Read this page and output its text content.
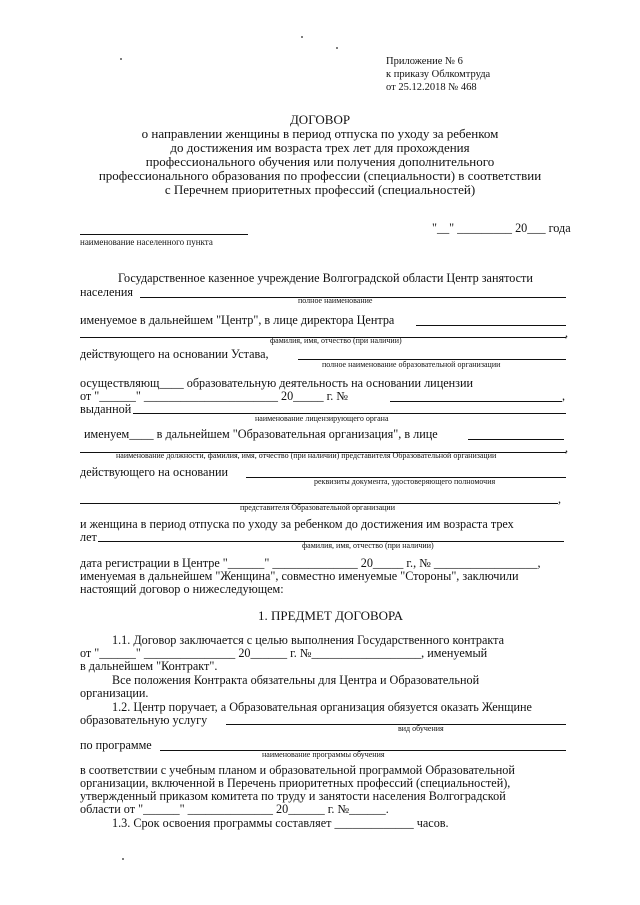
Приложение № 6
к приказу Облкомтруда
от 25.12.2018 № 468
ДОГОВОР
о направлении женщины в период отпуска по уходу за ребенком
до достижения им возраста трех лет для прохождения
профессионального обучения или получения дополнительного
профессионального образования по профессии (специальности) в соответствии
с Перечнем приоритетных профессий (специальностей)
"__" _________ 20___ года
наименование населенного пункта
Государственное казенное учреждение Волгоградской области Центр занятости
населения
полное наименование
именуемое в дальнейшем "Центр", в лице директора Центра
,
фамилия, имя, отчество (при наличии)
действующего на основании Устава,
полное наименование образовательной организации
осуществляющ____ образовательную деятельность на основании лицензии
от "______" ______________________ 20_____ г. №	,
выданной
наименование лицензирующего органа
именуем____ в дальнейшем "Образовательная организация", в лице
,
наименование должности, фамилия, имя, отчество (при наличии) представителя Образовательной организации
действующего на основании
реквизиты документа, удостоверяющего полномочия
,
представителя Образовательной организации
и женщина в период отпуска по уходу за ребенком до достижения им возраста трех
лет
фамилия, имя, отчество (при наличии)
дата регистрации в Центре "______" ______________ 20_____ г., № _________________,
именуемая в дальнейшем "Женщина", совместно именуемые "Стороны", заключили
настоящий договор о нижеследующем:
1. ПРЕДМЕТ ДОГОВОРА
1.1. Договор заключается с целью выполнения Государственного контракта
от "______" _______________ 20______ г. №__________________, именуемый
в дальнейшем "Контракт".
Все положения Контракта обязательны для Центра и Образовательной
организации.
1.2. Центр поручает, а Образовательная организация обязуется оказать Женщине
образовательную услугу
вид обучения
по программе
наименование программы обучения
в соответствии с учебным планом и образовательной программой Образовательной
организации, включенной в Перечень приоритетных профессий (специальностей),
утвержденный приказом комитета по труду и занятости населения Волгоградской
области от "______" ______________ 20______ г. №______.
1.3. Срок освоения программы составляет _____________ часов.
